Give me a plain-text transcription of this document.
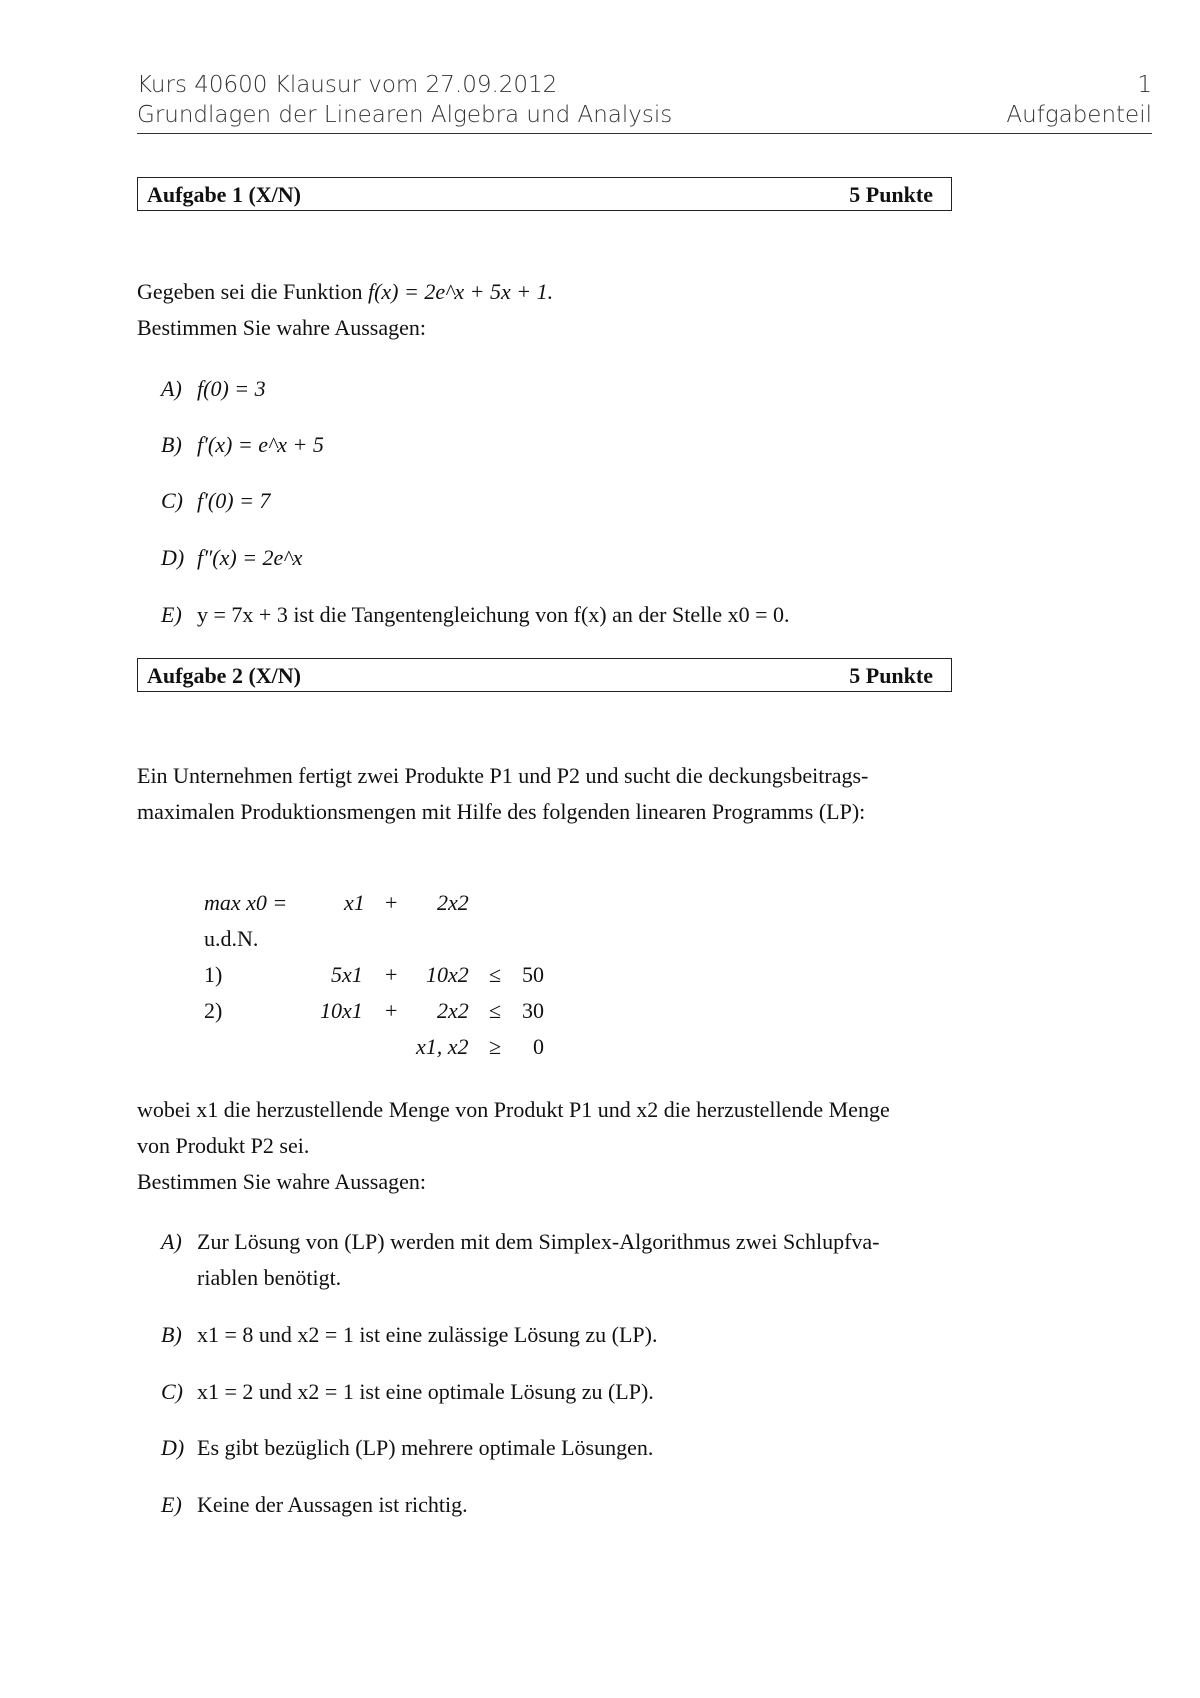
Kurs 40600 Klausur vom 27.09.2012	1
Grundlagen der Linearen Algebra und Analysis	Aufgabenteil
Aufgabe 1 (X/N)	5 Punkte
Gegeben sei die Funktion f(x) = 2e^x + 5x + 1.
Bestimmen Sie wahre Aussagen:
A) f(0) = 3
B) f′(x) = e^x + 5
C) f′(0) = 7
D) f″(x) = 2e^x
E) y = 7x + 3 ist die Tangentengleichung von f(x) an der Stelle x0 = 0.
Aufgabe 2 (X/N)	5 Punkte
Ein Unternehmen fertigt zwei Produkte P1 und P2 und sucht die deckungsbeitrags-
maximalen Produktionsmengen mit Hilfe des folgenden linearen Programms (LP):
max x0 =	x1 + 2x2
u.d.N.
1)	5x1 + 10x2 ≤ 50
2)	10x1 + 2x2 ≤ 30
x1, x2 ≥ 0
wobei x1 die herzustellende Menge von Produkt P1 und x2 die herzustellende Menge
von Produkt P2 sei.
Bestimmen Sie wahre Aussagen:
A) Zur Lösung von (LP) werden mit dem Simplex-Algorithmus zwei Schlupfva-
riablen benötigt.
B) x1 = 8 und x2 = 1 ist eine zulässige Lösung zu (LP).
C) x1 = 2 und x2 = 1 ist eine optimale Lösung zu (LP).
D) Es gibt bezüglich (LP) mehrere optimale Lösungen.
E) Keine der Aussagen ist richtig.
